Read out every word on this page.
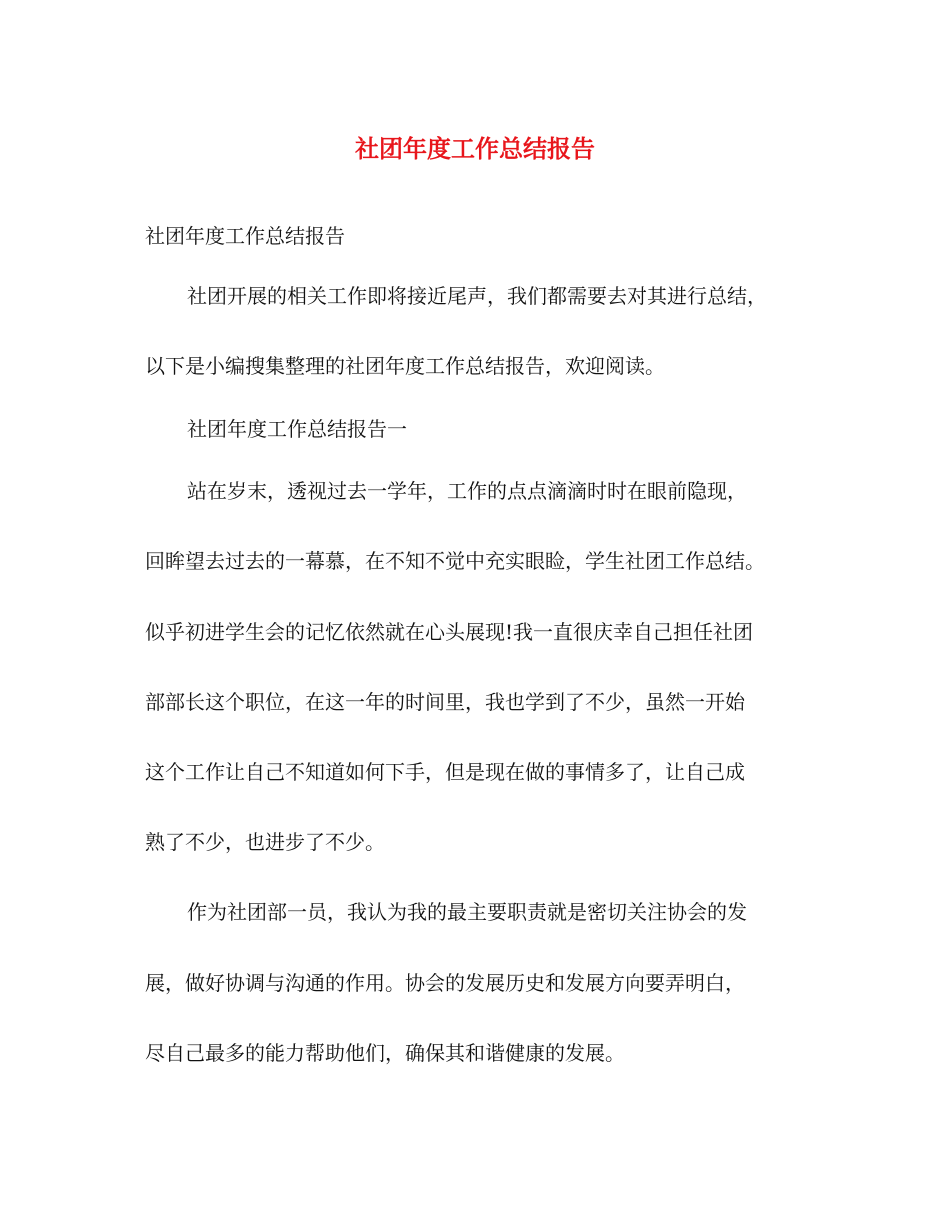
社团年度工作总结报告
社团年度工作总结报告
社团开展的相关工作即将接近尾声，我们都需要去对其进行总结，
以下是小编搜集整理的社团年度工作总结报告，欢迎阅读。
社团年度工作总结报告一
站在岁末，透视过去一学年，工作的点点滴滴时时在眼前隐现，
回眸望去过去的一幕慕，在不知不觉中充实眼睑，学生社团工作总结。
似乎初进学生会的记忆依然就在心头展现!我一直很庆幸自己担任社团
部部长这个职位，在这一年的时间里，我也学到了不少，虽然一开始
这个工作让自己不知道如何下手，但是现在做的事情多了，让自己成
熟了不少，也进步了不少。
作为社团部一员，我认为我的最主要职责就是密切关注协会的发
展，做好协调与沟通的作用。协会的发展历史和发展方向要弄明白，
尽自己最多的能力帮助他们，确保其和谐健康的发展。
